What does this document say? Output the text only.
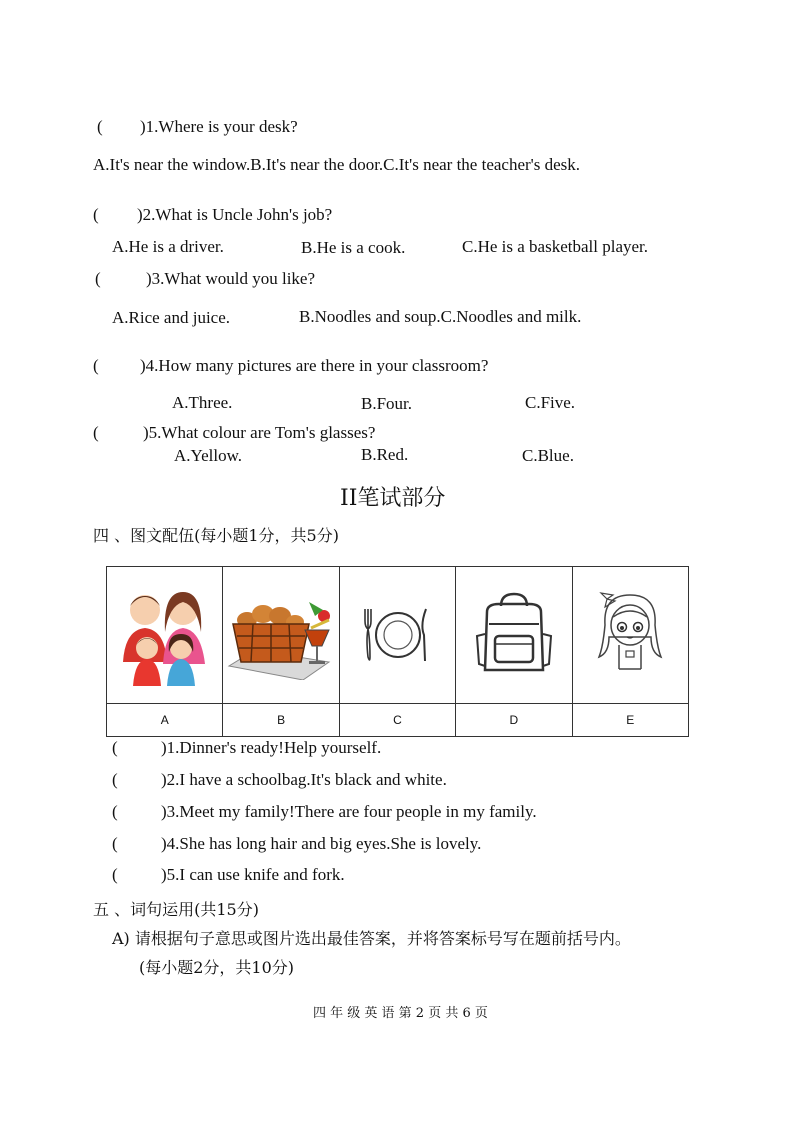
( )1.Where is your desk?
A.It's near the window.B.It's near the door.C.It's near the teacher's desk.
( )2.What is Uncle John's job?
A.He is a driver.	B.He is a cook.	C.He is a basketball player.
(	)3.What would you like?
A.Rice and juice.	B.Noodles and soup.C.Noodles and milk.
( )4.How many pictures are there in your classroom?
A.Three.	B.Four.	C.Five.
(	)5.What colour are Tom's glasses?
A.Yellow.	B.Red.	C.Blue.
II笔试部分
四 、图文配伍(每小题1分，共5分)

A	B	C	D	E
(	)1.Dinner's ready!Help yourself.
(	)2.I have a schoolbag.It's black and white.
(	)3.Meet my family!There are four people in my family.
(	)4.She has long hair and big eyes.She is lovely.
(	)5.I can use knife and fork.
五 、词句运用(共15分)
A) 请根据句子意思或图片选出最佳答案，并将答案标号写在题前括号内。
(每小题2分，共10分)
四 年 级 英 语 第 2 页 共 6 页
